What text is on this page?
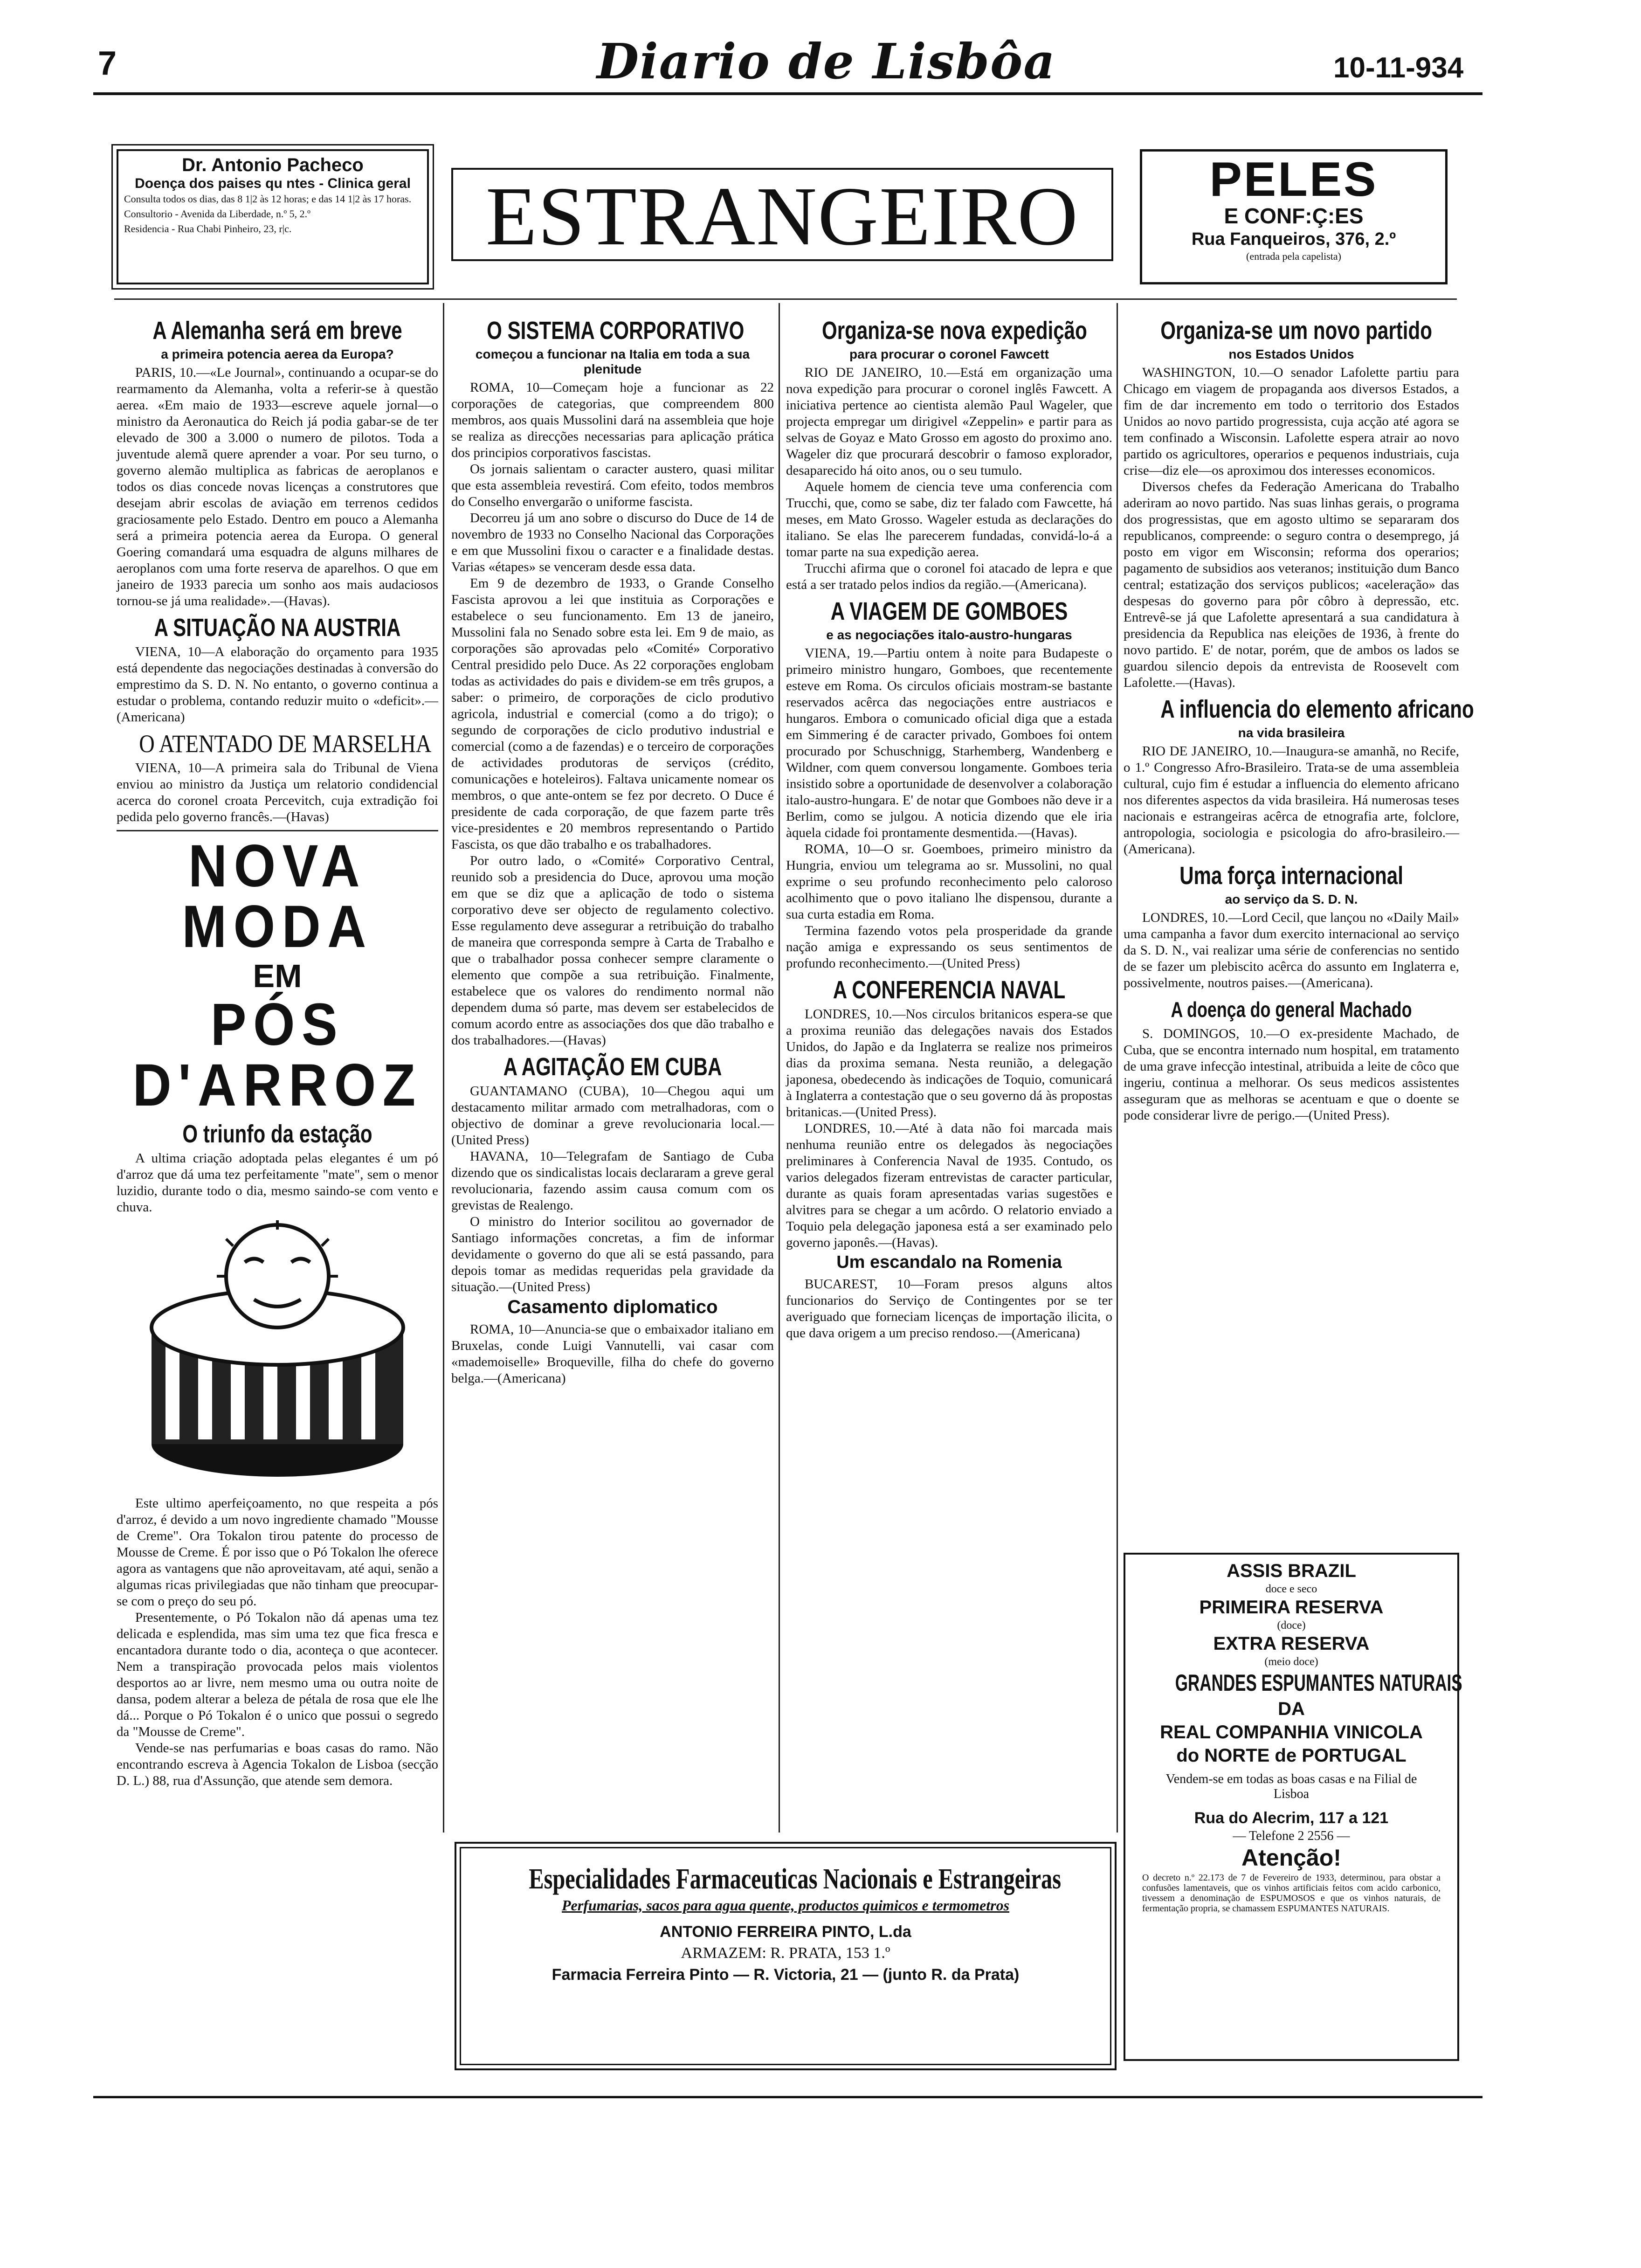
7	Diario de Lisbôa	10-11-934
Dr. Antonio Pacheco
Doença dos paises qu ntes - Clinica geral
Consulta todos os dias, das 8 1|2 às 12 horas; e das 14 1|2 às 17 horas.
Consultorio - Avenida da Liberdade, n.º 5, 2.º
Residencia - Rua Chabi Pinheiro, 23, r|c.	ESTRANGEIRO	PELES
E CONF:Ç:ES
Rua Fanqueiros, 376, 2.º
(entrada pela capelista)
A Alemanha será em breve
a primeira potencia aerea da Europa?

PARIS, 10.—«Le Journal», continuando a ocupar-se do rearmamento da Alemanha, volta a referir-se à questão aerea. «Em maio de 1933—escreve aquele jornal—o ministro da Aeronautica do Reich já podia gabar-se de ter elevado de 300 a 3.000 o numero de pilotos. Toda a juventude alemã quere aprender a voar. Por seu turno, o governo alemão multiplica as fabricas de aeroplanos e todos os dias concede novas licenças a construtores que desejam abrir escolas de aviação em terrenos cedidos graciosamente pelo Estado. Dentro em pouco a Alemanha será a primeira potencia aerea da Europa. O general Goering comandará uma esquadra de alguns milhares de aeroplanos com uma forte reserva de aparelhos. O que em janeiro de 1933 parecia um sonho aos mais audaciosos tornou-se já uma realidade».—(Havas).

A SITUAÇÃO NA AUSTRIA

VIENA, 10—A elaboração do orçamento para 1935 está dependente das negociações destinadas à conversão do emprestimo da S. D. N. No entanto, o governo continua a estudar o problema, contando reduzir muito o «deficit».—(Americana)

O ATENTADO DE MARSELHA

VIENA, 10—A primeira sala do Tribunal de Viena enviou ao ministro da Justiça um relatorio condidencial acerca do coronel croata Percevitch, cuja extradição foi pedida pelo governo francês.—(Havas)

NOVA MODA
EM
PÓS D'ARROZ
O triunfo da estação

A ultima criação adoptada pelas elegantes é um pó d'arroz que dá uma tez perfeitamente "mate", sem o menor luzidio, durante todo o dia, mesmo saindo-se com vento e chuva.

Este ultimo aperfeiçoamento, no que respeita a pós d'arroz, é devido a um novo ingrediente chamado "Mousse de Creme". Ora Tokalon tirou patente do processo de Mousse de Creme. É por isso que o Pó Tokalon lhe oferece agora as vantagens que não aproveitavam, até aqui, senão a algumas ricas privilegiadas que não tinham que preocupar-se com o preço do seu pó.

Presentemente, o Pó Tokalon não dá apenas uma tez delicada e esplendida, mas sim uma tez que fica fresca e encantadora durante todo o dia, aconteça o que acontecer. Nem a transpiração provocada pelos mais violentos desportos ao ar livre, nem mesmo uma ou outra noite de dansa, podem alterar a beleza de pétala de rosa que ele lhe dá... Porque o Pó Tokalon é o unico que possui o segredo da "Mousse de Creme".

Vende-se nas perfumarias e boas casas do ramo. Não encontrando escreva à Agencia Tokalon de Lisboa (secção D. L.) 88, rua d'Assunção, que atende sem demora.

O SISTEMA CORPORATIVO
começou a funcionar na Italia em toda a sua plenitude

ROMA, 10—Começam hoje a funcionar as 22 corporações de categorias, que compreendem 800 membros, aos quais Mussolini dará na assembleia que hoje se realiza as direcções necessarias para aplicação prática dos principios corporativos fascistas.

Os jornais salientam o caracter austero, quasi militar que esta assembleia revestirá. Com efeito, todos membros do Conselho envergarão o uniforme fascista.

Decorreu já um ano sobre o discurso do Duce de 14 de novembro de 1933 no Conselho Nacional das Corporações e em que Mussolini fixou o caracter e a finalidade destas. Varias «étapes» se venceram desde essa data.

Em 9 de dezembro de 1933, o Grande Conselho Fascista aprovou a lei que instituia as Corporações e estabelece o seu funcionamento. Em 13 de janeiro, Mussolini fala no Senado sobre esta lei. Em 9 de maio, as corporações são aprovadas pelo «Comité» Corporativo Central presidido pelo Duce. As 22 corporações englobam todas as actividades do pais e dividem-se em três grupos, a saber: o primeiro, de corporações de ciclo produtivo agricola, industrial e comercial (como a do trigo); o segundo de corporações de ciclo produtivo industrial e comercial (como a de fazendas) e o terceiro de corporações de actividades produtoras de serviços (crédito, comunicações e hoteleiros). Faltava unicamente nomear os membros, o que ante-ontem se fez por decreto. O Duce é presidente de cada corporação, de que fazem parte três vice-presidentes e 20 membros representando o Partido Fascista, os que dão trabalho e os trabalhadores.

Por outro lado, o «Comité» Corporativo Central, reunido sob a presidencia do Duce, aprovou uma moção em que se diz que a aplicação de todo o sistema corporativo deve ser objecto de regulamento colectivo. Esse regulamento deve assegurar a retribuição do trabalho de maneira que corresponda sempre à Carta de Trabalho e que o trabalhador possa conhecer sempre claramente o elemento que compõe a sua retribuição. Finalmente, estabelece que os valores do rendimento normal não dependem duma só parte, mas devem ser estabelecidos de comum acordo entre as associações dos que dão trabalho e dos trabalhadores.—(Havas)

A AGITAÇÃO EM CUBA

GUANTAMANO (CUBA), 10—Chegou aqui um destacamento militar armado com metralhadoras, com o objectivo de dominar a greve revolucionaria local.—(United Press)

HAVANA, 10—Telegrafam de Santiago de Cuba dizendo que os sindicalistas locais declararam a greve geral revolucionaria, fazendo assim causa comum com os grevistas de Realengo.

O ministro do Interior socilitou ao governador de Santiago informações concretas, a fim de informar devidamente o governo do que ali se está passando, para depois tomar as medidas requeridas pela gravidade da situação.—(United Press)

Casamento diplomatico

ROMA, 10—Anuncia-se que o embaixador italiano em Bruxelas, conde Luigi Vannutelli, vai casar com «mademoiselle» Broqueville, filha do chefe do governo belga.—(Americana)

Organiza-se nova expedição
para procurar o coronel Fawcett

RIO DE JANEIRO, 10.—Está em organização uma nova expedição para procurar o coronel inglês Fawcett. A iniciativa pertence ao cientista alemão Paul Wageler, que projecta empregar um dirigivel «Zeppelin» e partir para as selvas de Goyaz e Mato Grosso em agosto do proximo ano. Wageler diz que procurará descobrir o famoso explorador, desaparecido há oito anos, ou o seu tumulo.

Aquele homem de ciencia teve uma conferencia com Trucchi, que, como se sabe, diz ter falado com Fawcette, há meses, em Mato Grosso. Wageler estuda as declarações do italiano. Se elas lhe parecerem fundadas, convidá-lo-á a tomar parte na sua expedição aerea.

Trucchi afirma que o coronel foi atacado de lepra e que está a ser tratado pelos indios da região.—(Americana).

A VIAGEM DE GOMBOES
e as negociações italo-austro-hungaras

VIENA, 19.—Partiu ontem à noite para Budapeste o primeiro ministro hungaro, Gomboes, que recentemente esteve em Roma. Os circulos oficiais mostram-se bastante reservados acêrca das negociações entre austriacos e hungaros. Embora o comunicado oficial diga que a estada em Simmering é de caracter privado, Gomboes foi ontem procurado por Schuschnigg, Starhemberg, Wandenberg e Wildner, com quem conversou longamente. Gomboes teria insistido sobre a oportunidade de desenvolver a colaboração italo-austro-hungara. E' de notar que Gomboes não deve ir a Berlim, como se julgou. A noticia dizendo que ele iria àquela cidade foi prontamente desmentida.—(Havas).

ROMA, 10—O sr. Goemboes, primeiro ministro da Hungria, enviou um telegrama ao sr. Mussolini, no qual exprime o seu profundo reconhecimento pelo caloroso acolhimento que o povo italiano lhe dispensou, durante a sua curta estadia em Roma.

Termina fazendo votos pela prosperidade da grande nação amiga e expressando os seus sentimentos de profundo reconhecimento.—(United Press)

A CONFERENCIA NAVAL

LONDRES, 10.—Nos circulos britanicos espera-se que a proxima reunião das delegações navais dos Estados Unidos, do Japão e da Inglaterra se realize nos primeiros dias da proxima semana. Nesta reunião, a delegação japonesa, obedecendo às indicações de Toquio, comunicará à Inglaterra a contestação que o seu governo dá às propostas britanicas.—(United Press).

LONDRES, 10.—Até à data não foi marcada mais nenhuma reunião entre os delegados às negociações preliminares à Conferencia Naval de 1935. Contudo, os varios delegados fizeram entrevistas de caracter particular, durante as quais foram apresentadas varias sugestões e alvitres para se chegar a um acôrdo. O relatorio enviado a Toquio pela delegação japonesa está a ser examinado pelo governo japonês.—(Havas).

Um escandalo na Romenia

BUCAREST, 10—Foram presos alguns altos funcionarios do Serviço de Contingentes por se ter averiguado que forneciam licenças de importação ilicita, o que dava origem a um preciso rendoso.—(Americana)

Organiza-se um novo partido
nos Estados Unidos

WASHINGTON, 10.—O senador Lafolette partiu para Chicago em viagem de propaganda aos diversos Estados, a fim de dar incremento em todo o territorio dos Estados Unidos ao novo partido progressista, cuja acção até agora se tem confinado a Wisconsin. Lafolette espera atrair ao novo partido os agricultores, operarios e pequenos industriais, cuja crise—diz ele—os aproximou dos interesses economicos.

Diversos chefes da Federação Americana do Trabalho aderiram ao novo partido. Nas suas linhas gerais, o programa dos progressistas, que em agosto ultimo se separaram dos republicanos, compreende: o seguro contra o desemprego, já posto em vigor em Wisconsin; reforma dos operarios; pagamento de subsidios aos veteranos; instituição dum Banco central; estatização dos serviços publicos; «aceleração» das despesas do governo para pôr côbro à depressão, etc. Entrevê-se já que Lafolette apresentará a sua candidatura à presidencia da Republica nas eleições de 1936, à frente do novo partido. E' de notar, porém, que de ambos os lados se guardou silencio depois da entrevista de Roosevelt com Lafolette.—(Havas).

A influencia do elemento africano
na vida brasileira

RIO DE JANEIRO, 10.—Inaugura-se amanhã, no Recife, o 1.º Congresso Afro-Brasileiro. Trata-se de uma assembleia cultural, cujo fim é estudar a influencia do elemento africano nos diferentes aspectos da vida brasileira. Há numerosas teses nacionais e estrangeiras acêrca de etnografia arte, folclore, antropologia, sociologia e psicologia do afro-brasileiro.—(Americana).

Uma força internacional
ao serviço da S. D. N.

LONDRES, 10.—Lord Cecil, que lançou no «Daily Mail» uma campanha a favor dum exercito internacional ao serviço da S. D. N., vai realizar uma série de conferencias no sentido de se fazer um plebiscito acêrca do assunto em Inglaterra e, possivelmente, noutros paises.—(Americana).

A doença do general Machado

S. DOMINGOS, 10.—O ex-presidente Machado, de Cuba, que se encontra internado num hospital, em tratamento de uma grave infecção intestinal, atribuida a leite de côco que ingeriu, continua a melhorar. Os seus medicos assistentes asseguram que as melhoras se acentuam e que o doente se pode considerar livre de perigo.—(United Press).

ASSIS BRAZIL
doce e seco
PRIMEIRA RESERVA
(doce)
EXTRA RESERVA
(meio doce)
GRANDES ESPUMANTES NATURAIS
DA
REAL COMPANHIA VINICOLA
do NORTE de PORTUGAL
Vendem-se em todas as boas casas e na Filial de Lisboa
Rua do Alecrim, 117 a 121
— Telefone 2 2556 —
Atenção!
O decreto n.º 22.173 de 7 de Fevereiro de 1933, determinou, para obstar a confusões lamentaveis, que os vinhos artificiais feitos com acido carbonico, tivessem a denominação de ESPUMOSOS e que os vinhos naturais, de fermentação propria, se chamassem ESPUMANTES NATURAIS.
Especialidades Farmaceuticas Nacionais e Estrangeiras
Perfumarias, sacos para agua quente, productos quimicos e termometros
ANTONIO FERREIRA PINTO, L.da
ARMAZEM: R. PRATA, 153 1.º
Farmacia Ferreira Pinto — R. Victoria, 21 — (junto R. da Prata)
